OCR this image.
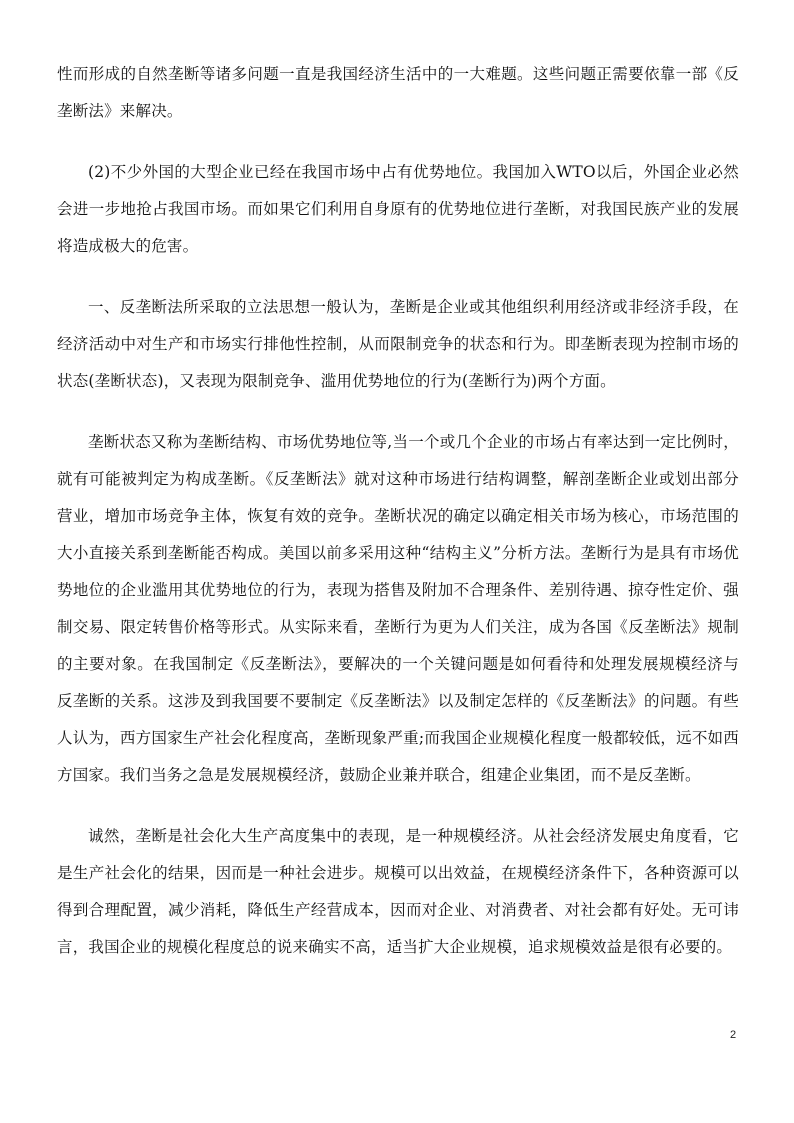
性而形成的自然垄断等诸多问题一直是我国经济生活中的一大难题。这些问题正需要依靠一部《反垄断法》来解决。

(2)不少外国的大型企业已经在我国市场中占有优势地位。我国加入WTO以后，外国企业必然会进一步地抢占我国市场。而如果它们利用自身原有的优势地位进行垄断，对我国民族产业的发展将造成极大的危害。

一、反垄断法所采取的立法思想一般认为，垄断是企业或其他组织利用经济或非经济手段，在经济活动中对生产和市场实行排他性控制，从而限制竞争的状态和行为。即垄断表现为控制市场的状态(垄断状态)，又表现为限制竞争、滥用优势地位的行为(垄断行为)两个方面。

垄断状态又称为垄断结构、市场优势地位等,当一个或几个企业的市场占有率达到一定比例时，就有可能被判定为构成垄断。《反垄断法》就对这种市场进行结构调整，解剖垄断企业或划出部分营业，增加市场竞争主体，恢复有效的竞争。垄断状况的确定以确定相关市场为核心，市场范围的大小直接关系到垄断能否构成。美国以前多采用这种“结构主义”分析方法。垄断行为是具有市场优势地位的企业滥用其优势地位的行为，表现为搭售及附加不合理条件、差别待遇、掠夺性定价、强制交易、限定转售价格等形式。从实际来看，垄断行为更为人们关注，成为各国《反垄断法》规制的主要对象。在我国制定《反垄断法》，要解决的一个关键问题是如何看待和处理发展规模经济与反垄断的关系。这涉及到我国要不要制定《反垄断法》以及制定怎样的《反垄断法》的问题。有些人认为，西方国家生产社会化程度高，垄断现象严重;而我国企业规模化程度一般都较低，远不如西方国家。我们当务之急是发展规模经济，鼓励企业兼并联合，组建企业集团，而不是反垄断。

诚然，垄断是社会化大生产高度集中的表现，是一种规模经济。从社会经济发展史角度看，它是生产社会化的结果，因而是一种社会进步。规模可以出效益，在规模经济条件下，各种资源可以得到合理配置，减少消耗，降低生产经营成本，因而对企业、对消费者、对社会都有好处。无可讳言，我国企业的规模化程度总的说来确实不高，适当扩大企业规模，追求规模效益是很有必要的。

2
